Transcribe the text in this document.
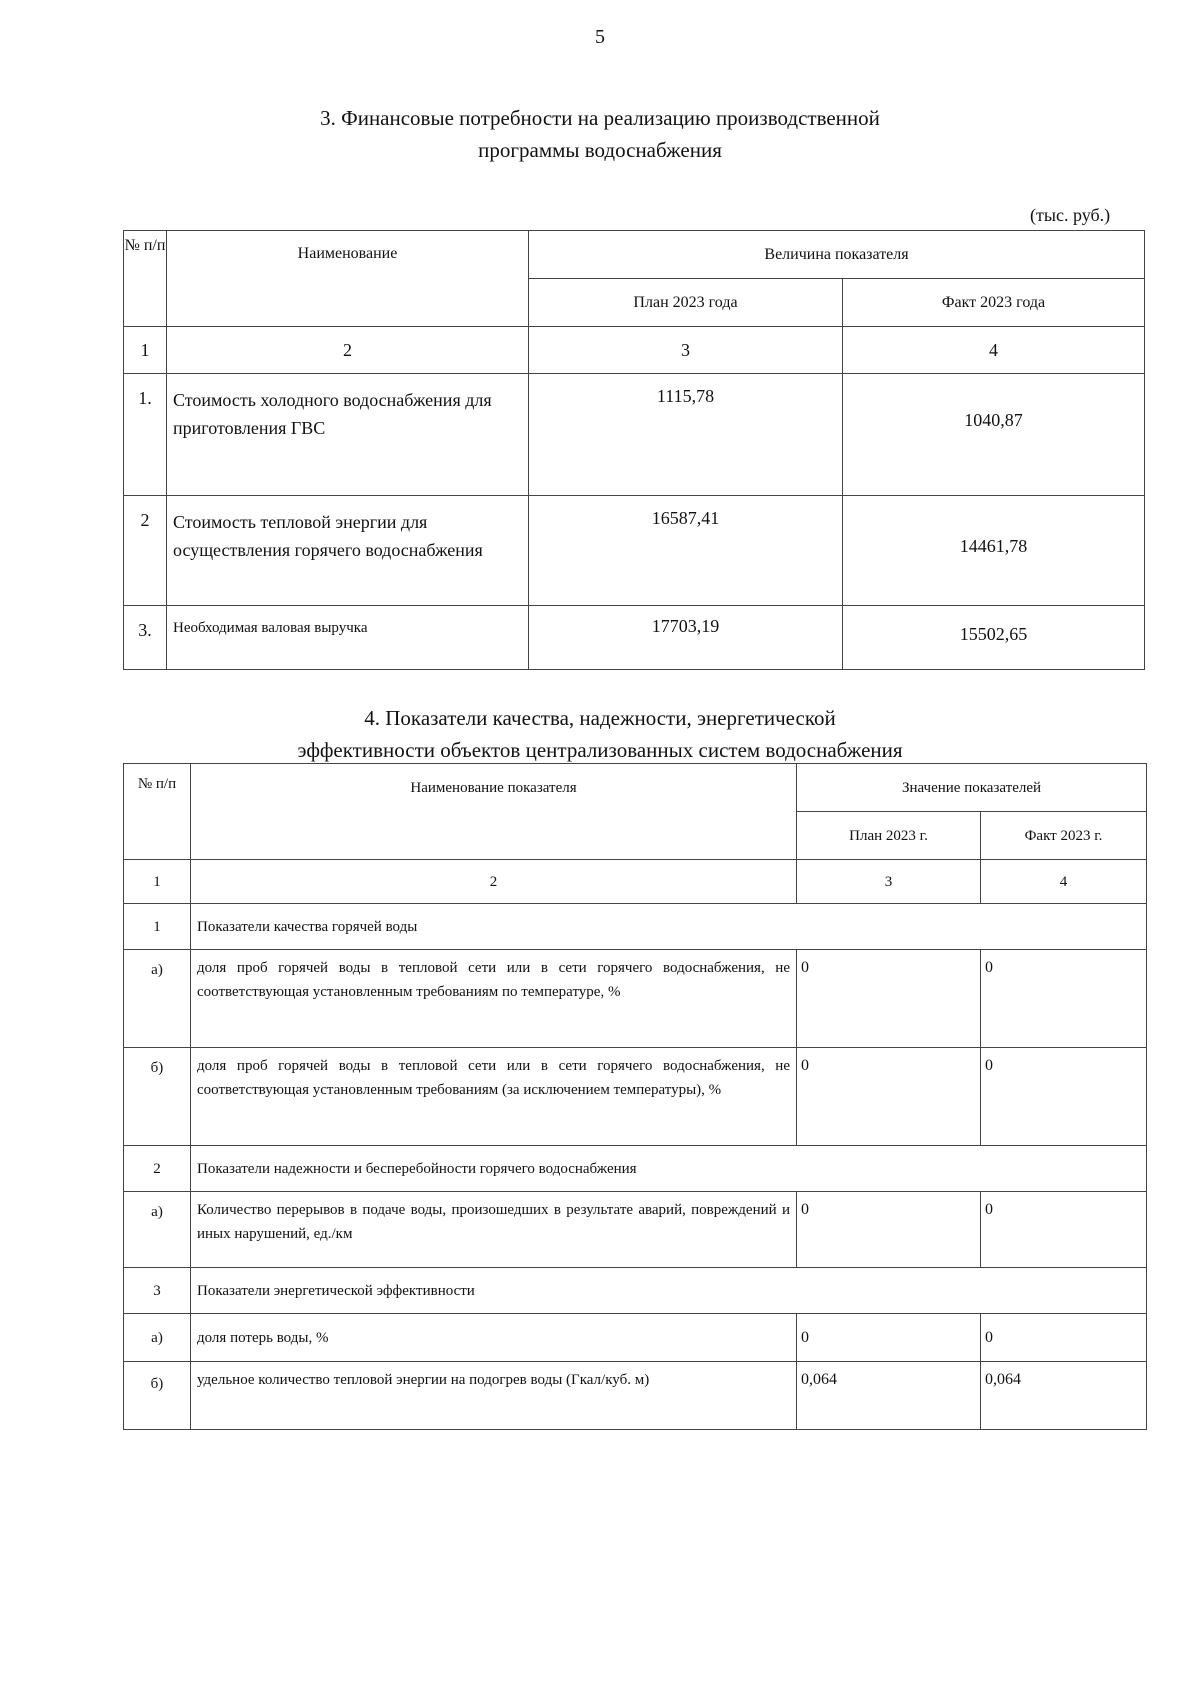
5
3. Финансовые потребности на реализацию производственной
программы водоснабжения
(тыс. руб.)
№ п/п	Наименование	Величина показателя	
		План 2023 года	Факт 2023 года
1	2	3	4
1.	Стоимость холодного водоснабжения для приготовления ГВС	1115,78	1040,87
2	Стоимость тепловой энергии для осуществления горячего водоснабжения	16587,41	14461,78
3.	Необходимая валовая выручка	17703,19	15502,65
4. Показатели качества, надежности, энергетической
эффективности объектов централизованных систем водоснабжения
№ п/п	Наименование показателя	Значение показателей	
		План 2023 г.	Факт 2023 г.
1	2	3	4
1	Показатели качества горячей воды		
а)	доля проб горячей воды в тепловой сети или в сети горячего водоснабжения, не соответствующая установленным требованиям по температуре, %	0	0
б)	доля проб горячей воды в тепловой сети или в сети горячего водоснабжения, не соответствующая установленным требованиям (за исключением температуры), %	0	0
2	Показатели надежности и бесперебойности горячего водоснабжения		
а)	Количество перерывов в подаче воды, произошедших в результате аварий, повреждений и иных нарушений, ед./км	0	0
3	Показатели энергетической эффективности		
а)	доля потерь воды, %	0	0
б)	удельное количество тепловой энергии на подогрев воды (Гкал/куб. м)	0,064	0,064
